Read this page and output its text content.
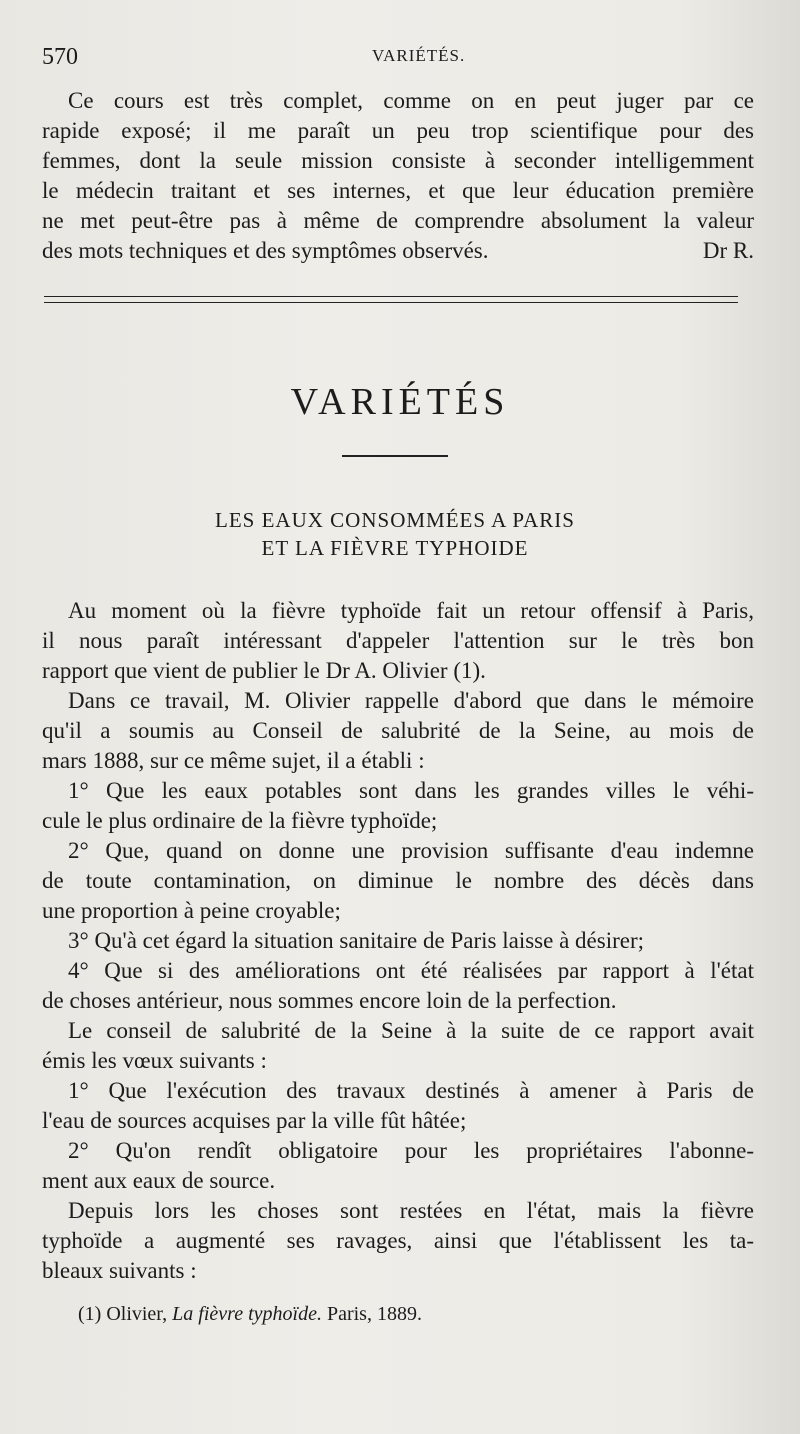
570	VARIÉTÉS.

Ce cours est très complet, comme on en peut juger par ce

rapide exposé; il me paraît un peu trop scientifique pour des

femmes, dont la seule mission consiste à seconder intelligemment

le médecin traitant et ses internes, et que leur éducation première

ne met peut-être pas à même de comprendre absolument la valeur

des mots techniques et des symptômes observés.	Dr R.

VARIÉTÉS
LES EAUX CONSOMMÉES A PARIS
ET LA FIÈVRE TYPHOIDE

Au moment où la fièvre typhoïde fait un retour offensif à Paris,

il nous paraît intéressant d'appeler l'attention sur le très bon

rapport que vient de publier le Dr A. Olivier (1).

Dans ce travail, M. Olivier rappelle d'abord que dans le mémoire

qu'il a soumis au Conseil de salubrité de la Seine, au mois de

mars 1888, sur ce même sujet, il a établi :

1° Que les eaux potables sont dans les grandes villes le véhi-

cule le plus ordinaire de la fièvre typhoïde;

2° Que, quand on donne une provision suffisante d'eau indemne

de toute contamination, on diminue le nombre des décès dans

une proportion à peine croyable;

3° Qu'à cet égard la situation sanitaire de Paris laisse à désirer;

4° Que si des améliorations ont été réalisées par rapport à l'état

de choses antérieur, nous sommes encore loin de la perfection.

Le conseil de salubrité de la Seine à la suite de ce rapport avait

émis les vœux suivants :

1° Que l'exécution des travaux destinés à amener à Paris de

l'eau de sources acquises par la ville fût hâtée;

2° Qu'on rendît obligatoire pour les propriétaires l'abonne-

ment aux eaux de source.

Depuis lors les choses sont restées en l'état, mais la fièvre

typhoïde a augmenté ses ravages, ainsi que l'établissent les ta-

bleaux suivants :

(1) Olivier, La fièvre typhoïde. Paris, 1889.
